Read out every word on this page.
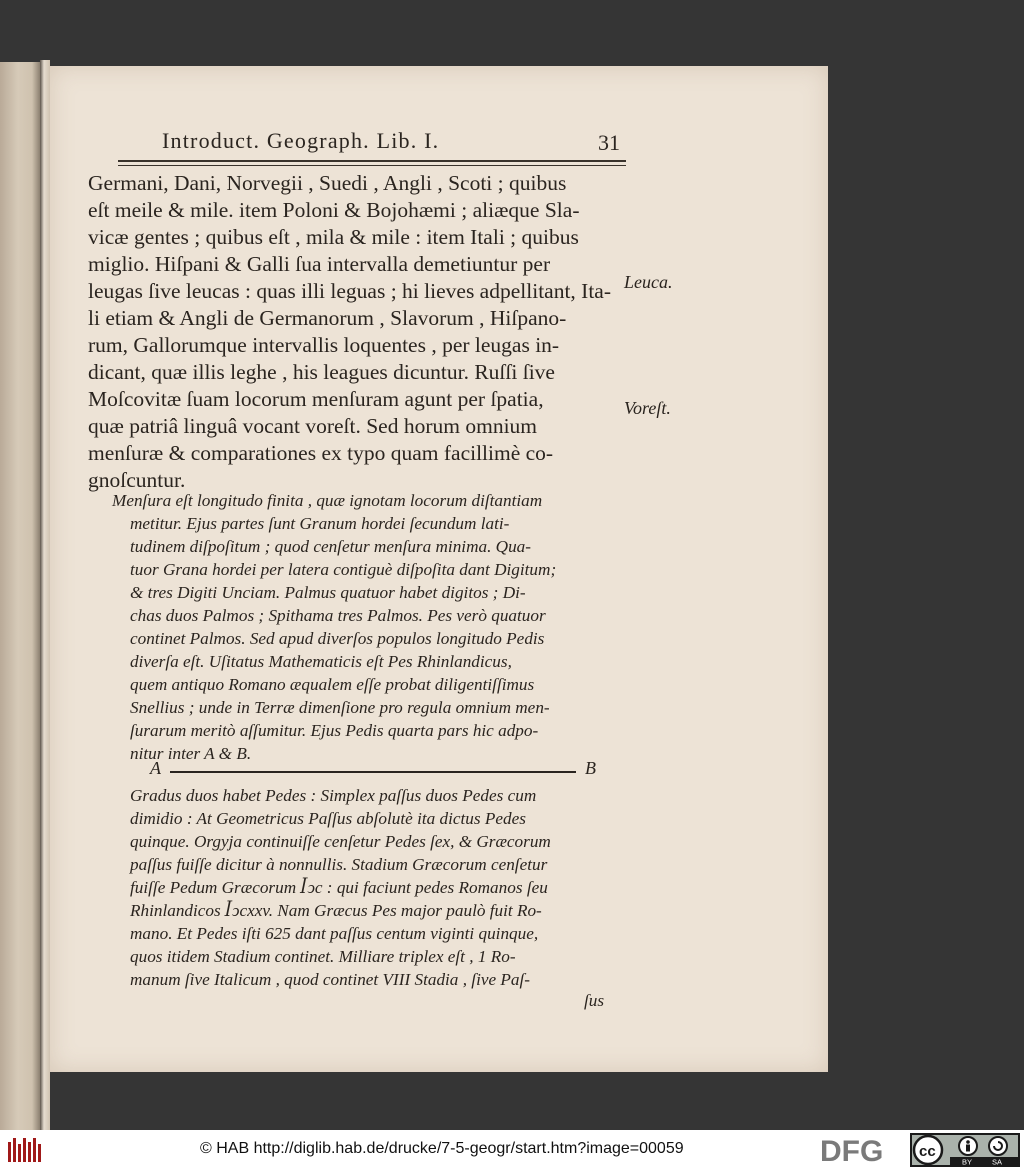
Introduct. Geograph. Lib. I.	31
Germani, Dani, Norvegii , Suedi , Angli , Scoti ; quibus
eſt meile & mile. item Poloni & Bojohæmi ; aliæque Sla-
vicæ gentes ; quibus eſt , mila & mile : item Itali ; quibus
miglio. Hiſpani & Galli ſua intervalla demetiuntur per
leugas ſive leucas : quas illi leguas ; hi lieves adpellitant, Ita-
li etiam & Angli de Germanorum , Slavorum , Hiſpano-
rum, Gallorumque intervallis loquentes , per leugas in-
dicant, quæ illis leghe , his leagues dicuntur. Ruſſi ſive
Moſcovitæ ſuam locorum menſuram agunt per ſpatia,
quæ patriâ linguâ vocant voreſt. Sed horum omnium
menſuræ & comparationes ex typo quam facillimè co-
gnoſcuntur.
Leuca.
Voreſt.
Menſura eſt longitudo finita , quæ ignotam locorum diſtantiam
metitur. Ejus partes ſunt Granum hordei ſecundum lati-
tudinem diſpoſitum ; quod cenſetur menſura minima. Qua-
tuor Grana hordei per latera contiguè diſpoſita dant Digitum;
& tres Digiti Unciam. Palmus quatuor habet digitos ; Di-
chas duos Palmos ; Spithama tres Palmos. Pes verò quatuor
continet Palmos. Sed apud diverſos populos longitudo Pedis
diverſa eſt. Uſitatus Mathematicis eſt Pes Rhinlandicus,
quem antiquo Romano æqualem eſſe probat diligentiſſimus
Snellius ; unde in Terræ dimenſione pro regula omnium men-
ſurarum meritò aſſumitur. Ejus Pedis quarta pars hic adpo-
nitur inter A & B.
A	B
Gradus duos habet Pedes : Simplex paſſus duos Pedes cum
dimidio : At Geometricus Paſſus abſolutè ita dictus Pedes
quinque. Orgyja continuiſſe cenſetur Pedes ſex, & Græcorum
paſſus fuiſſe dicitur à nonnullis. Stadium Græcorum cenſetur
fuiſſe Pedum Græcorum ꟾↄc : qui faciunt pedes Romanos ſeu
Rhinlandicos ꟾↄcxxv. Nam Græcus Pes major paulò fuit Ro-
mano. Et Pedes iſti 625 dant paſſus centum viginti quinque,
quos itidem Stadium continet. Milliare triplex eſt , 1 Ro-
manum ſive Italicum , quod continet VIII Stadia , ſive Paſ-
ſus
© HAB http://diglib.hab.de/drucke/7-5-geogr/start.htm?image=00059	DFG cc
BY	SA
